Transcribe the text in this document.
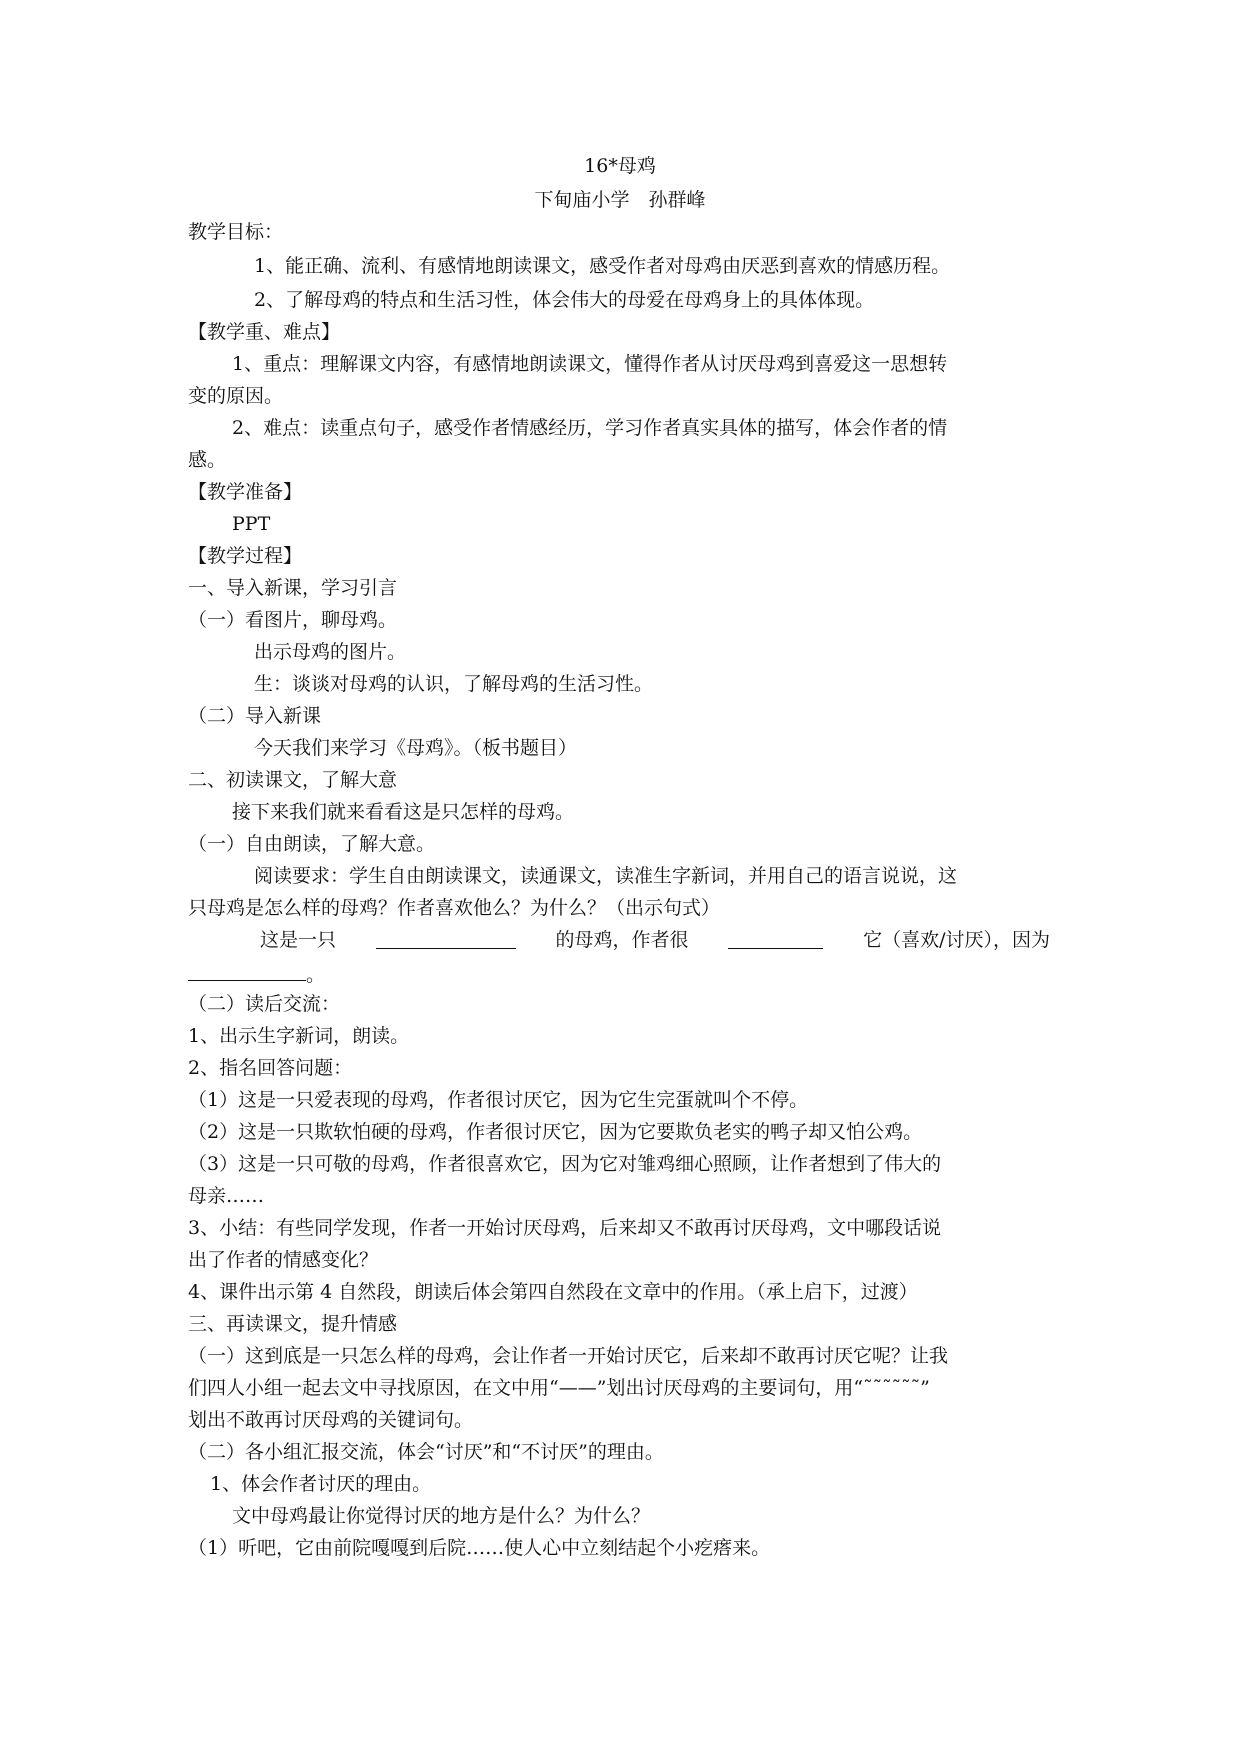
16*母鸡
下甸庙小学　孙群峰
教学目标：
1、能正确、流利、有感情地朗读课文，感受作者对母鸡由厌恶到喜欢的情感历程。
2、了解母鸡的特点和生活习性，体会伟大的母爱在母鸡身上的具体体现。
【教学重、难点】
1、重点：理解课文内容，有感情地朗读课文，懂得作者从讨厌母鸡到喜爱这一思想转
变的原因。
2、难点：读重点句子，感受作者情感经历，学习作者真实具体的描写，体会作者的情
感。
【教学准备】
PPT
【教学过程】
一、导入新课，学习引言
（一）看图片，聊母鸡。
出示母鸡的图片。
生：谈谈对母鸡的认识，了解母鸡的生活习性。
（二）导入新课
今天我们来学习《母鸡》。（板书题目）
二、初读课文，了解大意
接下来我们就来看看这是只怎样的母鸡。
（一）自由朗读，了解大意。
阅读要求：学生自由朗读课文，读通课文，读准生字新词，并用自己的语言说说，这
只母鸡是怎么样的母鸡？作者喜欢他么？为什么？（出示句式）
这是一只	的母鸡，作者很	它（喜欢/讨厌），因为
。
（二）读后交流：
1、出示生字新词，朗读。
2、指名回答问题：
（1）这是一只爱表现的母鸡，作者很讨厌它，因为它生完蛋就叫个不停。
（2）这是一只欺软怕硬的母鸡，作者很讨厌它，因为它要欺负老实的鸭子却又怕公鸡。
（3）这是一只可敬的母鸡，作者很喜欢它，因为它对雏鸡细心照顾，让作者想到了伟大的
母亲……
3、小结：有些同学发现，作者一开始讨厌母鸡，后来却又不敢再讨厌母鸡，文中哪段话说
出了作者的情感变化？
4、课件出示第 4 自然段，朗读后体会第四自然段在文章中的作用。（承上启下，过渡）
三、再读课文，提升情感
（一）这到底是一只怎么样的母鸡，会让作者一开始讨厌它，后来却不敢再讨厌它呢？让我
们四人小组一起去文中寻找原因，在文中用“——”划出讨厌母鸡的主要词句，用“˜˜˜˜˜˜”
划出不敢再讨厌母鸡的关键词句。
（二）各小组汇报交流，体会“讨厌”和“不讨厌”的理由。
1、体会作者讨厌的理由。
文中母鸡最让你觉得讨厌的地方是什么？为什么？
（1）听吧，它由前院嘎嘎到后院……使人心中立刻结起个小疙瘩来。
